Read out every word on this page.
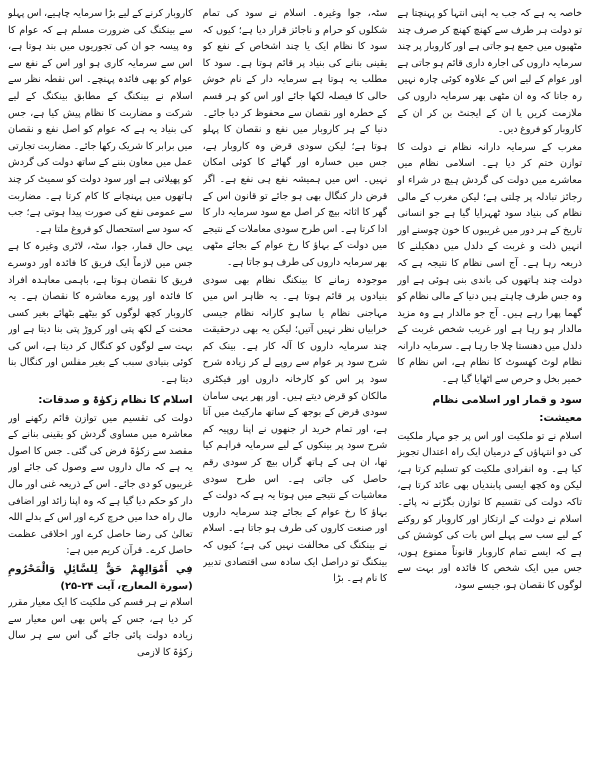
خاصہ یہ ہے کہ جب یہ اپنی انتہا کو پہنچتا ہے تو دولت ہر طرف سے کھنچ کھنچ کر صرف چند مٹھیوں میں جمع ہو جاتی ہے اور کاروبار پر چند سرمایہ داروں کی اجارہ داری قائم ہو جاتی ہے اور عوام کے لیے اس کے علاوہ کوئی چارہ نہیں رہ جاتا کہ وہ ان مٹھی بھر سرمایہ داروں کی ملازمت کریں یا ان کے ایجنٹ بن کر ان کے کاروبار کو فروغ دیں۔

مغرب کے سرمایہ دارانہ نظام نے دولت کا توازن ختم کر دیا ہے۔ اسلامی نظام میں معاشرے میں دولت کی گردش ہیچ در شراء او رجائز تبادلہ پر چلتی ہے؛ لیکن مغرب کے مالی نظام کی بنیاد سود ٹھہرایا گیا ہے جو انسانی تاریخ کے ہر دور میں غریبوں کا خون چوسنے اور انہیں ذلت و غربت کے دلدل میں دھکیلنے کا ذریعہ رہا ہے۔ آج اسی نظام کا نتیجہ ہے کہ دولت چند ہاتھوں کی باندی بنی ہوئی ہے اور وہ جس طرف چاہتے ہیں دنیا کے مالی نظام کو گھما پھرا رہے ہیں۔ آج جو مالدار ہے وہ مزید مالدار ہو رہا ہے اور غریب شخص غربت کے دلدل میں دھنستا چلا جا رہا ہے۔ سرمایہ دارانہ نظام لوٹ کھسوٹ کا نظام ہے، اس نظام کا خمیر بخل و حرص سے اٹھایا گیا ہے۔

سود و قمار اور اسلامی نظام معیشت:

اسلام نے تو ملکیت اور اس پر جو مہار ملکیت کی دو انتہاؤں کے درمیان ایک راہ اعتدال تجویز کیا ہے۔ وہ انفرادی ملکیت کو تسلیم کرتا ہے، لیکن وہ کچھ ایسی پابندیاں بھی عائد کرتا ہے، تاکہ دولت کی تقسیم کا توازن بگڑنے نہ پائے۔ اسلام نے دولت کے ارتکاز اور کاروبار کو روکنے کے لیے سب سے پہلے اس بات کی کوشش کی ہے کہ ایسے تمام کاروبار قانوناً ممنوع ہوں، جس میں ایک شخص کا فائدہ اور بہت سے لوگوں کا نقصان ہو، جیسے سود،

سٹہ، جوا وغیرہ۔ اسلام نے سود کی تمام شکلوں کو حرام و ناجائز قرار دیا ہے؛ کیوں کہ سود کا نظام ایک یا چند اشخاص کے نفع کو یقینی بنانے کی بنیاد پر قائم ہوتا ہے۔ سود کا مطلب یہ ہوتا ہے سرمایہ دار کے نام خوش حالی کا فیصلہ لکھا جائے اور اس کو ہر قسم کے خطرہ اور نقصان سے محفوظ کر دیا جائے۔ دنیا کے ہر کاروبار میں نفع و نقصان کا پہلو ہوتا ہے؛ لیکن سودی قرض وہ کاروبار ہے، جس میں خسارہ اور گھاٹے کا کوئی امکان نہیں۔ اس میں ہمیشہ نفع ہی نفع ہے۔ اگر قرض دار کنگال بھی ہو جائے تو قانون اس کے گھر کا اثاثہ بیچ کر اصل مع سود سرمایہ دار کا ادا کرتا ہے۔ اس طرح سودی معاملات کے نتیجے میں دولت کے بہاؤ کا رخ عوام کے بجائے مٹھی بھر سرمایہ داروں کی طرف ہو جاتا ہے۔

موجودہ زمانے کا بینکنگ نظام بھی سودی بنیادوں پر قائم ہوتا ہے۔ یہ ظاہر اس میں مہاجنی نظام یا ساہو کارانہ نظام جیسی خرابیاں نظر نہیں آتیں؛ لیکن یہ بھی درحقیقت چند سرمایہ داروں کا آلہ کار ہے۔ بینک کم شرح سود پر عوام سے روپے لے کر زیادہ شرح سود پر اس کو کارخانہ داروں اور فیکٹری مالکان کو قرض دیتے ہیں۔ اور پھر یہی سامان سودی قرض کے بوجھ کے ساتھ مارکیٹ میں آتا ہے، اور تمام خرید ار جنھوں نے اپنا روپیہ کم شرح سود پر بینکوں کے لیے سرمایہ فراہم کیا تھا، ان ہی کے ہاتھ گراں بیچ کر سودی رقم حاصل کی جاتی ہے۔ اس طرح سودی معاشیات کے نتیجے میں ہوتا یہ ہے کہ دولت کے بہاؤ کا رخ عوام کے بجائے چند سرمایہ داروں اور صنعت کاروں کی طرف ہو جاتا ہے۔ اسلام نے بینکنگ کی مخالفت نہیں کی ہے؛ کیوں کہ بینکنگ تو دراصل ایک سادہ سی اقتصادی تدبیر کا نام ہے۔ بڑا

کاروبار کرنے کے لیے بڑا سرمایہ چاہیے، اس پہلو سے بینکنگ کی ضرورت مسلم ہے کہ عوام کا وہ پیسہ جو ان کی تجوریوں میں بند ہوتا ہے، اس سے سرمایہ کاری ہو اور اس کے نفع سے عوام کو بھی فائدہ پہنچے۔ اس نقطہ نظر سے اسلام نے بینکنگ کے مطابق بینکنگ کے لیے شرکت و مضاربت کا نظام پیش کیا ہے، جس کی بنیاد یہ ہے کہ عوام کو اصل نفع و نقصان میں برابر کا شریک رکھا جائے۔ مضاربت تجارتی عمل میں معاون بننے کے ساتھ دولت کی گردش کو پھیلاتی ہے اور سود دولت کو سمیٹ کر چند ہاتھوں میں پہنچانے کا کام کرتا ہے۔ مضاربت سے عمومی نفع کی صورت پیدا ہوتی ہے؛ جب کہ سود سے استحصال کو فروغ ملتا ہے۔

یہی حال قمار، جوا، سٹہ، لاٹری وغیرہ کا ہے جس میں لازماً ایک فریق کا فائدہ اور دوسرے فریق کا نقصان ہوتا ہے، باہمی معاہدہ افراد کا فائدہ اور پورے معاشرہ کا نقصان ہے۔ یہ کاروبار کچھ لوگوں کو بیٹھے بٹھائے بغیر کسی محنت کے لکھ پتی اور کروڑ پتی بنا دیتا ہے اور بہت سے لوگوں کو کنگال کر دیتا ہے، اس کی کوئی بنیادی سبب کے بغیر مفلس اور کنگال بنا دیتا ہے۔

اسلام کا نظام زکوٰۃ و صدقات:

دولت کی تقسیم میں توازن قائم رکھنے اور معاشرہ میں مساوی گردش کو یقینی بنانے کے مقصد سے زکوٰۃ فرض کی گئی۔ جس کا اصول یہ ہے کہ مال داروں سے وصول کی جائے اور غریبوں کو دی جائے۔ اس کے ذریعہ غنی اور مال دار کو حکم دیا گیا ہے کہ وہ اپنا زائد اور اضافی مال راہ خدا میں خرچ کرے اور اس کے بدلے اللہ تعالیٰ کی رضا حاصل کرے اور اخلاقی عظمت حاصل کرے۔ قرآن کریم میں ہے:

فِي أَمْوَالِهِمْ حَقٌّ لِلسَّائِلِ وَالْمَحْرُومِ (سورة المعارج، آیت ۲۴-۲۵)

اسلام نے ہر قسم کی ملکیت کا ایک معیار مقرر کر دیا ہے، جس کے پاس بھی اس معیار سے زیادہ دولت پائی جائے گی اس سے ہر سال زکوٰۃ کا لازمی
